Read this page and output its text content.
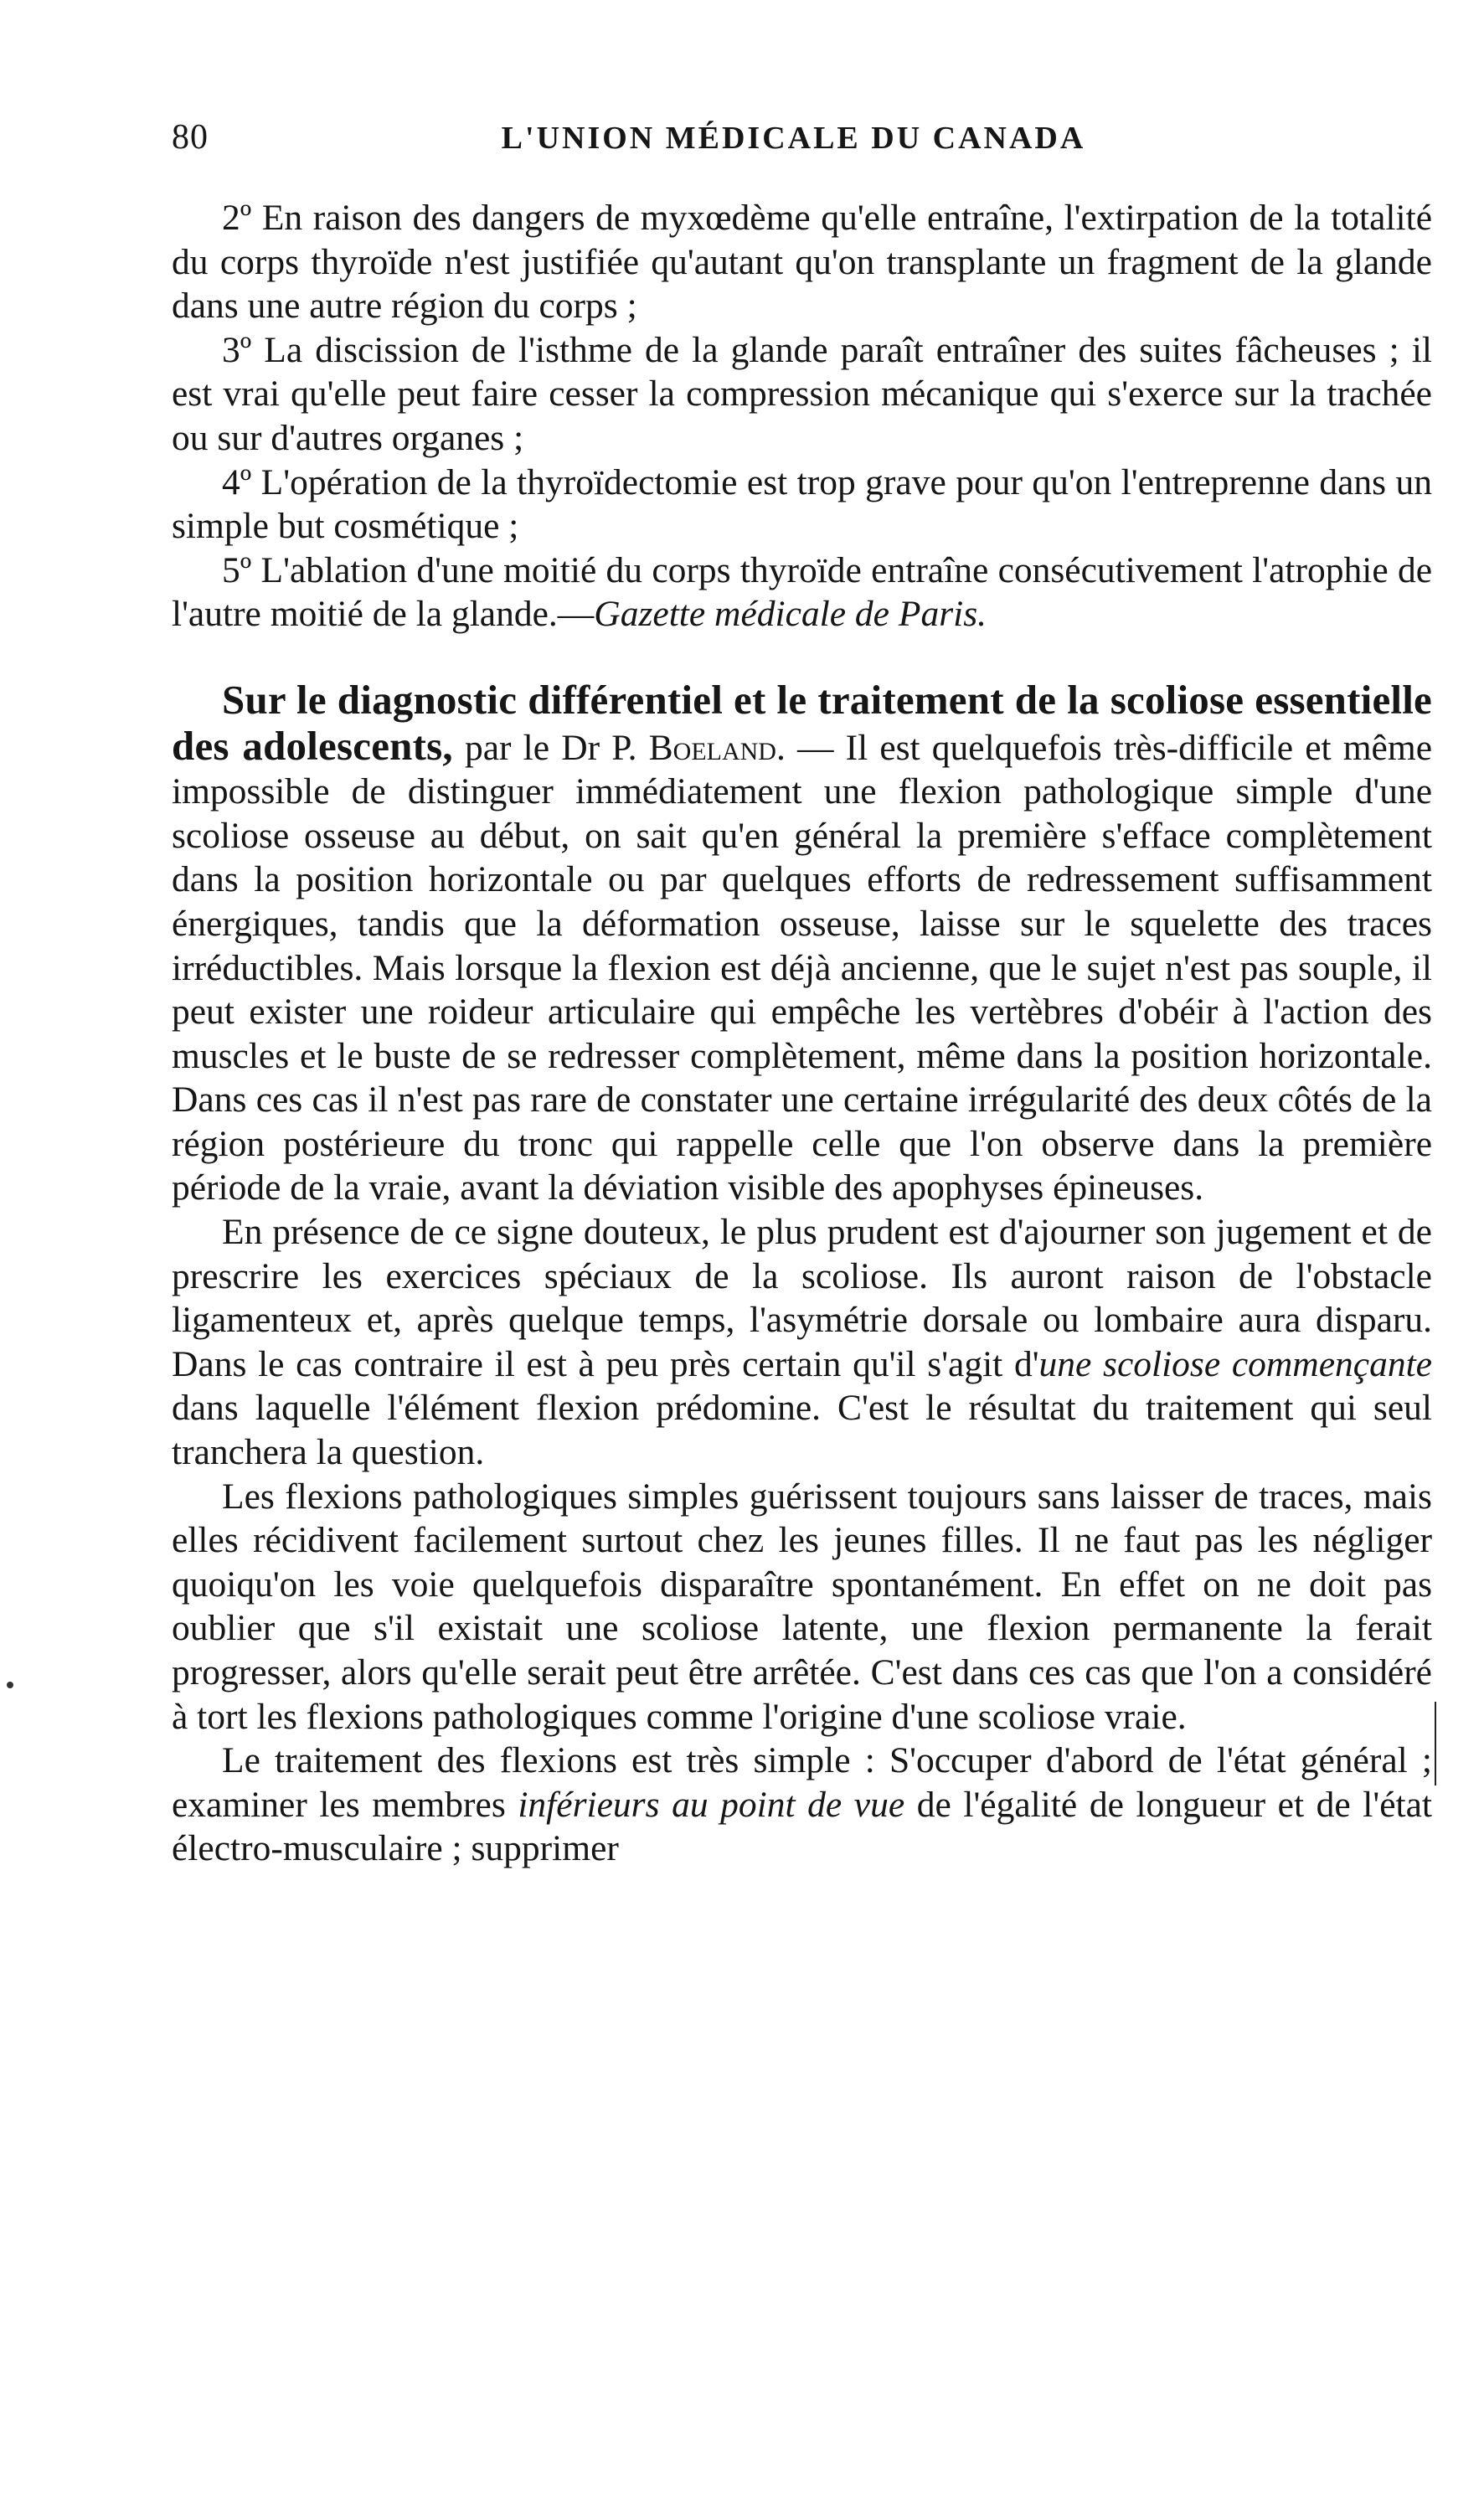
80	L'UNION MÉDICALE DU CANADA

2º En raison des dangers de myxœdème qu'elle entraîne, l'extirpation de la totalité du corps thyroïde n'est justifiée qu'autant qu'on transplante un fragment de la glande dans une autre région du corps ;

3º La discission de l'isthme de la glande paraît entraîner des suites fâcheuses ; il est vrai qu'elle peut faire cesser la compression mécanique qui s'exerce sur la trachée ou sur d'autres organes ;

4º L'opération de la thyroïdectomie est trop grave pour qu'on l'entreprenne dans un simple but cosmétique ;

5º L'ablation d'une moitié du corps thyroïde entraîne consécutivement l'atrophie de l'autre moitié de la glande.—Gazette médicale de Paris.

Sur le diagnostic différentiel et le traitement de la scoliose essentielle des adolescents, par le Dr P. Boeland. — Il est quelquefois très-difficile et même impossible de distinguer immédiatement une flexion pathologique simple d'une scoliose osseuse au début, on sait qu'en général la première s'efface complètement dans la position horizontale ou par quelques efforts de redressement suffisamment énergiques, tandis que la déformation osseuse, laisse sur le squelette des traces irréductibles. Mais lorsque la flexion est déjà ancienne, que le sujet n'est pas souple, il peut exister une roideur articulaire qui empêche les vertèbres d'obéir à l'action des muscles et le buste de se redresser complètement, même dans la position horizontale. Dans ces cas il n'est pas rare de constater une certaine irrégularité des deux côtés de la région postérieure du tronc qui rappelle celle que l'on observe dans la première période de la vraie, avant la déviation visible des apophyses épineuses.

En présence de ce signe douteux, le plus prudent est d'ajourner son jugement et de prescrire les exercices spéciaux de la scoliose. Ils auront raison de l'obstacle ligamenteux et, après quelque temps, l'asymétrie dorsale ou lombaire aura disparu. Dans le cas contraire il est à peu près certain qu'il s'agit d'une scoliose commençante dans laquelle l'élément flexion prédomine. C'est le résultat du traitement qui seul tranchera la question.

Les flexions pathologiques simples guérissent toujours sans laisser de traces, mais elles récidivent facilement surtout chez les jeunes filles. Il ne faut pas les négliger quoiqu'on les voie quelquefois disparaître spontanément. En effet on ne doit pas oublier que s'il existait une scoliose latente, une flexion permanente la ferait progresser, alors qu'elle serait peut être arrêtée. C'est dans ces cas que l'on a considéré à tort les flexions pathologiques comme l'origine d'une scoliose vraie.

Le traitement des flexions est très simple : S'occuper d'abord de l'état général ; examiner les membres inférieurs au point de vue de l'égalité de longueur et de l'état électro-musculaire ; supprimer
